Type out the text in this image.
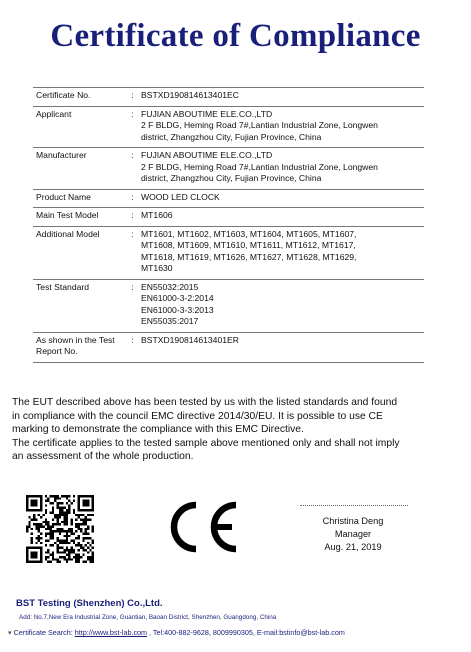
Certificate of Compliance
Certificate No.	:	BSTXD190814613401EC

Applicant	:	FUJIAN ABOUTIME ELE.CO.,LTD
2 F BLDG, Heming Road 7#,Lantian Industrial Zone, Longwen
district, Zhangzhou City, Fujian Province, China

Manufacturer	:	FUJIAN ABOUTIME ELE.CO.,LTD
2 F BLDG, Heming Road 7#,Lantian Industrial Zone, Longwen
district, Zhangzhou City, Fujian Province, China

Product Name	:	WOOD LED CLOCK

Main Test Model	:	MT1606

Additional Model	:	MT1601, MT1602, MT1603, MT1604, MT1605, MT1607,
MT1608, MT1609, MT1610, MT1611, MT1612, MT1617,
MT1618, MT1619, MT1626, MT1627, MT1628, MT1629,
MT1630

Test Standard	:	EN55032:2015
EN61000-3-2:2014
EN61000-3-3:2013
EN55035:2017

As shown in the Test Report No.	:	BSTXD190814613401ER
The EUT described above has been tested by us with the listed standards and found
in compliance with the council EMC directive 2014/30/EU. It is possible to use CE
marking to demonstrate the compliance with this EMC Directive.
The certificate applies to the tested sample above mentioned only and shall not imply
an assessment of the whole production.
Christina Deng
Manager
Aug. 21, 2019

BST Testing (Shenzhen) Co.,Ltd.

Add: No.7,New Era Industrial Zone, Guantian, Baoan District, Shenzhen, Guangdong, China

▾ Certificate Search: http://www.bst-lab.com , Tel:400-882-9628, 8009990305, E-mail:bstinfo@bst-lab.com
